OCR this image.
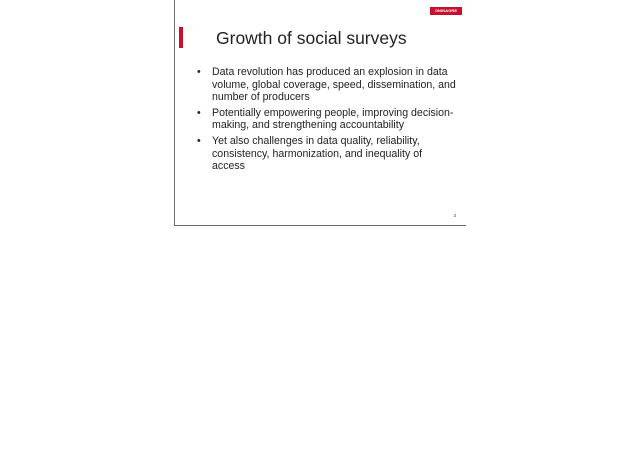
ONINAGRE
Growth of social surveys
• Data revolution has produced an explosion in data volume, global coverage, speed, dissemination, and number of producers
• Potentially empowering people, improving decision-making, and strengthening accountability
• Yet also challenges in data quality, reliability, consistency, harmonization, and inequality of access
3
